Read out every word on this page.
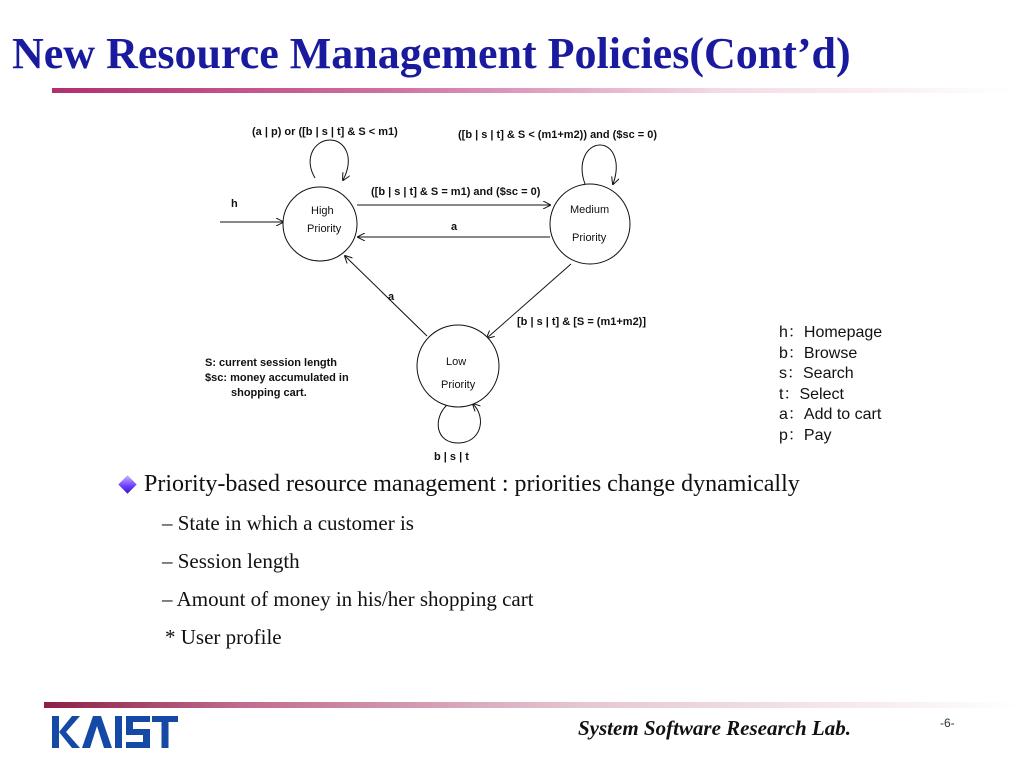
New Resource Management Policies(Cont’d)
h
(a | p) or ([b | s | t] & S < m1)	([b | s | t] & S < (m1+m2)) and ($sc = 0)
([b | s | t] & S = m1) and ($sc = 0)
a
a
[b | s | t] & [S = (m1+m2)]
b | s | t
High
Priority
Medium
Priority
Low
Priority
S: current session length
$sc: money accumulated in
shopping cart.
h：Homepage
b：Browse
s：Search
t：Select
a：Add to cart
p：Pay
Priority-based resource management : priorities change dynamically
– State in which a customer is
– Session length
– Amount of money in his/her shopping cart
* User profile
System Software Research Lab.	-6-
